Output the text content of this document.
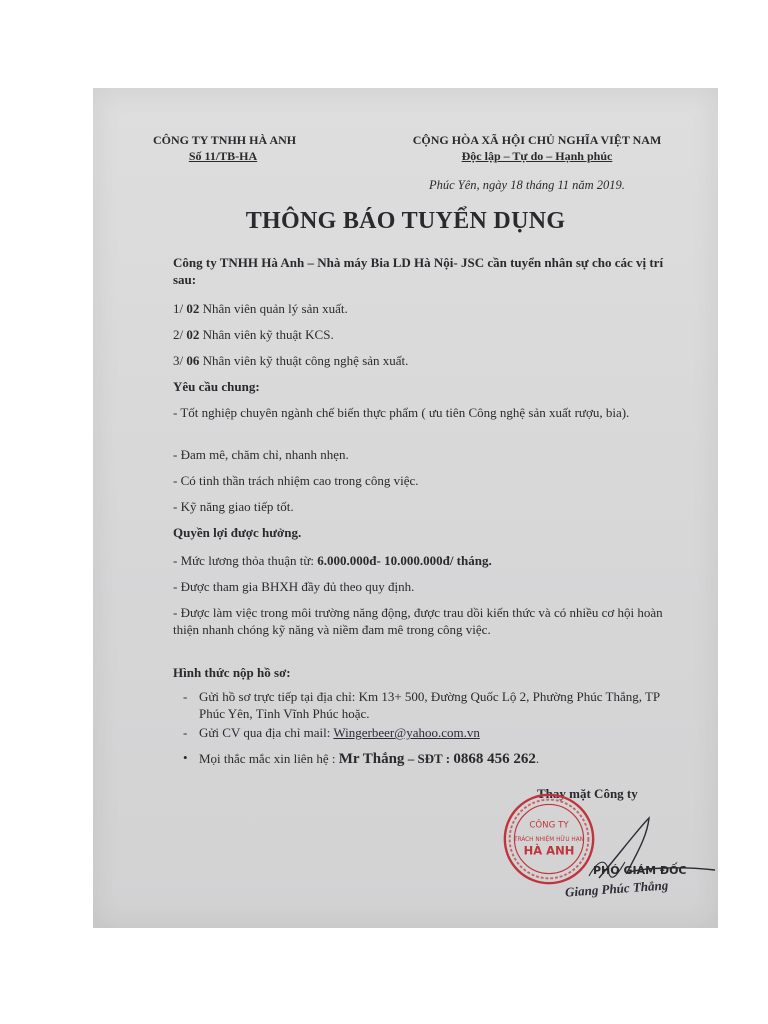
CÔNG TY TNHH HÀ ANH
Số 11/TB-HA
CỘNG HÒA XÃ HỘI CHỦ NGHĨA VIỆT NAM
Độc lập – Tự do – Hạnh phúc
Phúc Yên, ngày 18 tháng 11 năm 2019.
THÔNG BÁO TUYỂN DỤNG
Công ty TNHH Hà Anh – Nhà máy Bia LD Hà Nội- JSC cần tuyển nhân sự cho các vị trí sau:
1/ 02 Nhân viên quản lý sản xuất.
2/ 02 Nhân viên kỹ thuật KCS.
3/ 06 Nhân viên kỹ thuật công nghệ sản xuất.
Yêu cầu chung:
- Tốt nghiệp chuyên ngành chế biến thực phẩm ( ưu tiên Công nghệ sản xuất rượu, bia).
- Đam mê, chăm chỉ, nhanh nhẹn.
- Có tinh thần trách nhiệm cao trong công việc.
- Kỹ năng giao tiếp tốt.
Quyền lợi được hưởng.
- Mức lương thỏa thuận từ: 6.000.000đ- 10.000.000đ/ tháng.
- Được tham gia BHXH đầy đủ theo quy định.
- Được làm việc trong môi trường năng động, được trau dồi kiến thức và có nhiều cơ hội hoàn thiện nhanh chóng kỹ năng và niềm đam mê trong công việc.
Hình thức nộp hồ sơ:
- Gửi hồ sơ trực tiếp tại địa chỉ: Km 13+ 500, Đường Quốc Lộ 2, Phường Phúc Thắng, TP Phúc Yên, Tỉnh Vĩnh Phúc hoặc.
- Gửi CV qua địa chỉ mail: Wingerbeer@yahoo.com.vn
• Mọi thắc mắc xin liên hệ : Mr Thắng – SĐT : 0868 456 262.
Thay mặt Công ty
CÔNG TY
TRÁCH NHIỆM HỮU HẠN
HÀ ANH
PHÓ GIÁM ĐỐC
Giang Phúc Thắng
